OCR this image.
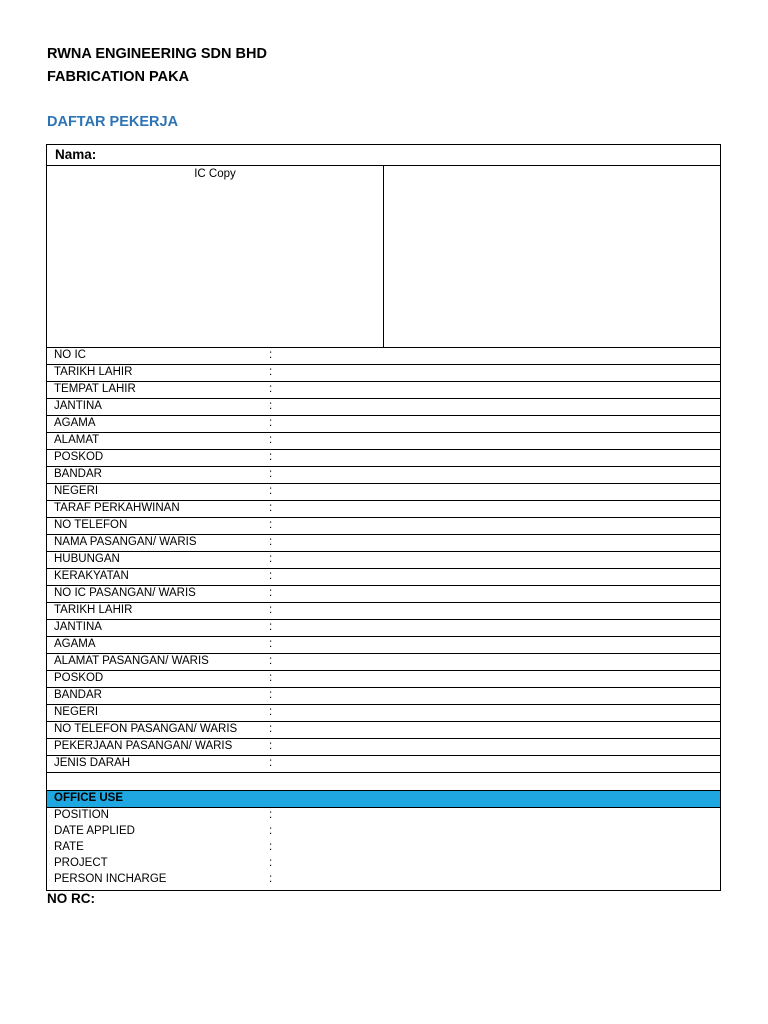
RWNA ENGINEERING SDN BHD
FABRICATION PAKA
DAFTAR PEKERJA
Nama:
IC Copy
NO IC	:
TARIKH LAHIR	:
TEMPAT LAHIR	:
JANTINA	:
AGAMA	:
ALAMAT	:
POSKOD	:
BANDAR	:
NEGERI	:
TARAF PERKAHWINAN	:
NO TELEFON	:
NAMA PASANGAN/ WARIS	:
HUBUNGAN	:
KERAKYATAN	:
NO IC PASANGAN/ WARIS	:
TARIKH LAHIR	:
JANTINA	:
AGAMA	:
ALAMAT PASANGAN/ WARIS	:
POSKOD	:
BANDAR	:
NEGERI	:
NO TELEFON PASANGAN/ WARIS	:
PEKERJAAN PASANGAN/ WARIS	:
JENIS DARAH	:
OFFICE USE
POSITION	:
DATE APPLIED	:
RATE	:
PROJECT	:
PERSON INCHARGE	:
NO RC:
